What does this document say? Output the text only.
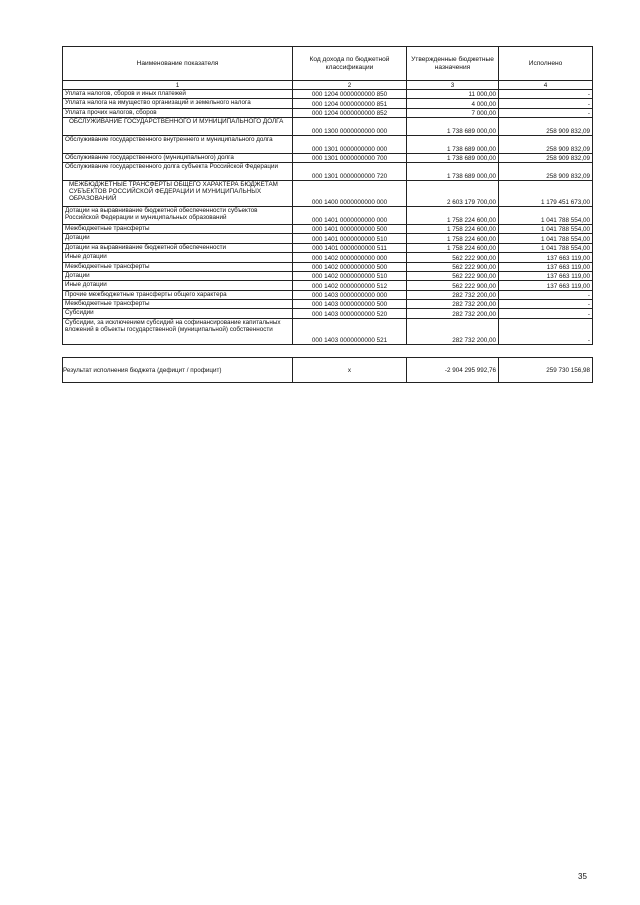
Наименование показателя	Код дохода по бюджетной классификации	Утвержденные бюджетные назначения	Исполнено
1	2	3	4
Уплата налогов, сборов и иных платежей	000 1204 0000000000 850	11 000,00	-
Уплата налога на имущество организаций и земельного налога	000 1204 0000000000 851	4 000,00	-
Уплата прочих налогов, сборов	000 1204 0000000000 852	7 000,00	-
ОБСЛУЖИВАНИЕ ГОСУДАРСТВЕННОГО И МУНИЦИПАЛЬНОГО ДОЛГА	000 1300 0000000000 000	1 738 689 000,00	258 909 832,09
Обслуживание государственного внутреннего и муниципального долга	000 1301 0000000000 000	1 738 689 000,00	258 909 832,09
Обслуживание государственного (муниципального) долга	000 1301 0000000000 700	1 738 689 000,00	258 909 832,09
Обслуживание государственного долга субъекта Российской Федерации	000 1301 0000000000 720	1 738 689 000,00	258 909 832,09
МЕЖБЮДЖЕТНЫЕ ТРАНСФЕРТЫ ОБЩЕГО ХАРАКТЕРА БЮДЖЕТАМ СУБЪЕКТОВ РОССИЙСКОЙ ФЕДЕРАЦИИ И МУНИЦИПАЛЬНЫХ ОБРАЗОВАНИЙ	000 1400 0000000000 000	2 603 179 700,00	1 179 451 673,00
Дотации на выравнивание бюджетной обеспеченности субъектов Российской Федерации и муниципальных образований	000 1401 0000000000 000	1 758 224 600,00	1 041 788 554,00
Межбюджетные трансферты	000 1401 0000000000 500	1 758 224 600,00	1 041 788 554,00
Дотации	000 1401 0000000000 510	1 758 224 600,00	1 041 788 554,00
Дотации на выравнивание бюджетной обеспеченности	000 1401 0000000000 511	1 758 224 600,00	1 041 788 554,00
Иные дотации	000 1402 0000000000 000	562 222 900,00	137 663 119,00
Межбюджетные трансферты	000 1402 0000000000 500	562 222 900,00	137 663 119,00
Дотации	000 1402 0000000000 510	562 222 900,00	137 663 119,00
Иные дотации	000 1402 0000000000 512	562 222 900,00	137 663 119,00
Прочие межбюджетные трансферты общего характера	000 1403 0000000000 000	282 732 200,00	-
Межбюджетные трансферты	000 1403 0000000000 500	282 732 200,00	-
Субсидии	000 1403 0000000000 520	282 732 200,00	-
Субсидии, за исключением субсидий на софинансирование капитальных вложений в объекты государственной (муниципальной) собственности	000 1403 0000000000 521	282 732 200,00	-

Результат исполнения бюджета (дефицит / профицит)	x	-2 904 295 992,76	259 730 156,98
35
